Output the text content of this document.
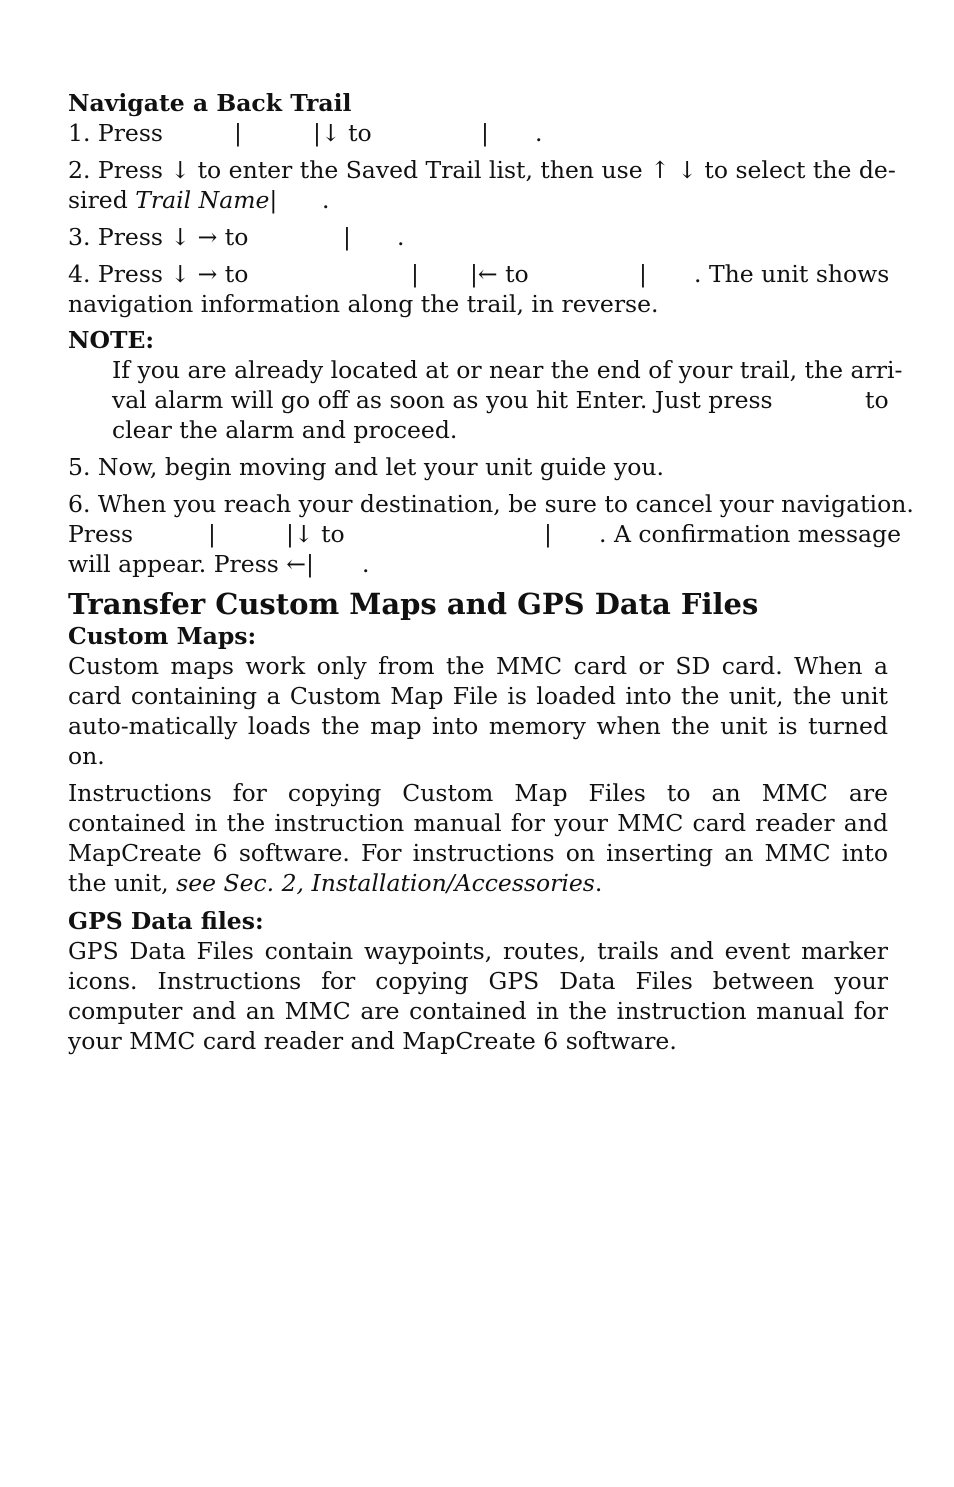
Navigate a Back Trail

1. Press	|	|↓ to	| .

2. Press ↓ to enter the Saved Trail list, then use ↑ ↓ to select the de-

sired Trail Name| .
3. Press ↓ → to	| .
4. Press ↓ → to	| |← to	| . The unit shows

navigation information along the trail, in reverse.

NOTE:

If you are already located at or near the end of your trail, the arri-

val alarm will go off as soon as you hit Enter. Just press	to

clear the alarm and proceed.

5. Now, begin moving and let your unit guide you.

6. When you reach your destination, be sure to cancel your navigation.

Press	|	|↓ to	| . A confirmation message
will appear. Press ←| .

Transfer Custom Maps and GPS Data Files

Custom Maps:

Custom maps work only from the MMC card or SD card. When a card containing a Custom Map File is loaded into the unit, the unit auto-matically loads the map into memory when the unit is turned on.

Instructions for copying Custom Map Files to an MMC are contained in the instruction manual for your MMC card reader and MapCreate 6 software. For instructions on inserting an MMC into the unit, see Sec. 2, Installation/Accessories.

GPS Data files:

GPS Data Files contain waypoints, routes, trails and event marker icons. Instructions for copying GPS Data Files between your computer and an MMC are contained in the instruction manual for your MMC card reader and MapCreate 6 software.
